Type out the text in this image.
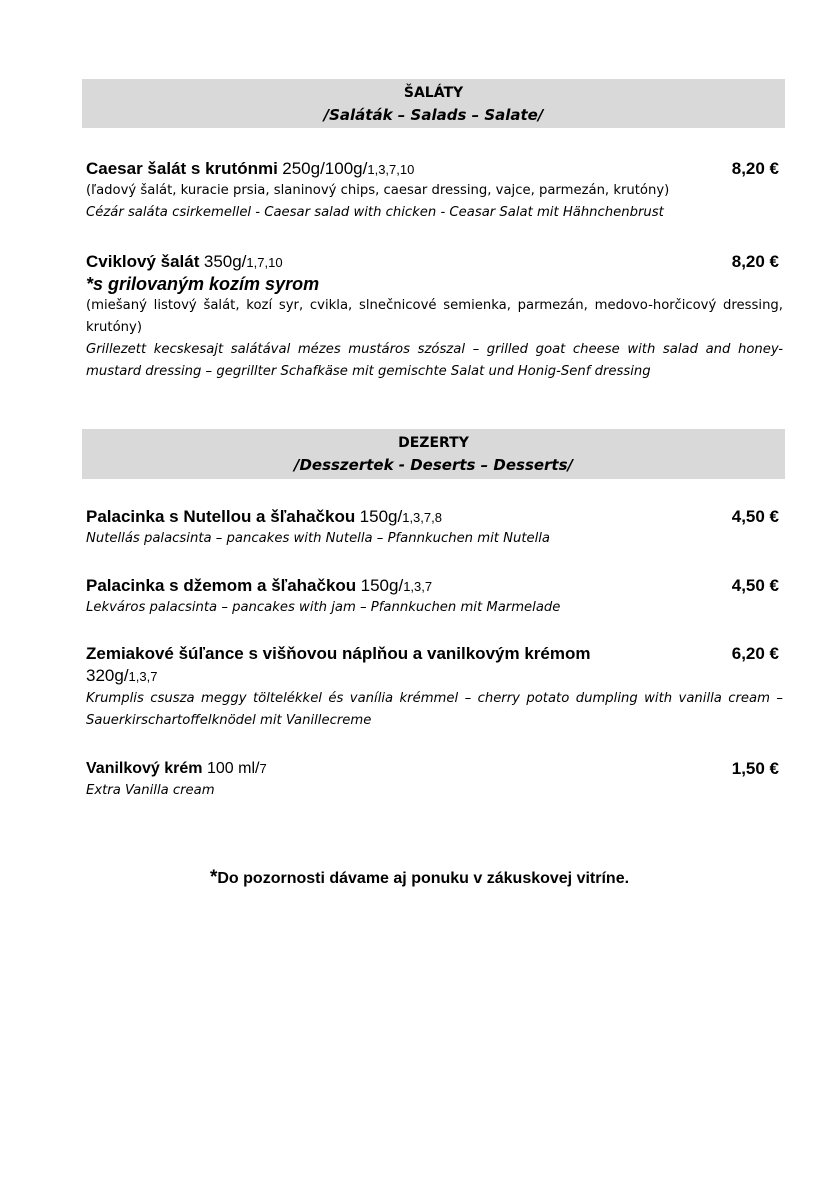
ŠALÁTY
/Saláták – Salads – Salate/
Caesar šalát s krutónmi 250g/100g/1,3,7,10	8,20 €
(ľadový šalát, kuracie prsia, slaninový chips, caesar dressing, vajce, parmezán, krutóny)
Cézár saláta csirkemellel - Caesar salad with chicken - Ceasar Salat mit Hähnchenbrust
Cviklový šalát 350g/1,7,10	8,20 €
*s grilovaným kozím syrom
(miešaný listový šalát, kozí syr, cvikla, slnečnicové semienka, parmezán, medovo-horčicový dressing, krutóny)
Grillezett kecskesajt salátával mézes mustáros szószal – grilled goat cheese with salad and honey-mustard dressing – gegrillter Schafkäse mit gemischte Salat und Honig-Senf dressing
DEZERTY
/Desszertek - Deserts – Desserts/
Palacinka s Nutellou a šľahačkou 150g/1,3,7,8	4,50 €
Nutellás palacsinta – pancakes with Nutella – Pfannkuchen mit Nutella
Palacinka s džemom a šľahačkou 150g/1,3,7	4,50 €
Lekváros palacsinta – pancakes with jam – Pfannkuchen mit Marmelade
Zemiakové šúľance s višňovou náplňou a vanilkovým krémom	6,20 €
320g/1,3,7
Krumplis csusza meggy töltelékkel és vanília krémmel – cherry potato dumpling with vanilla cream – Sauerkirschartoffelknödel mit Vanillecreme
Vanilkový krém 100 ml/7	1,50 €
Extra Vanilla cream
*Do pozornosti dávame aj ponuku v zákuskovej vitríne.
